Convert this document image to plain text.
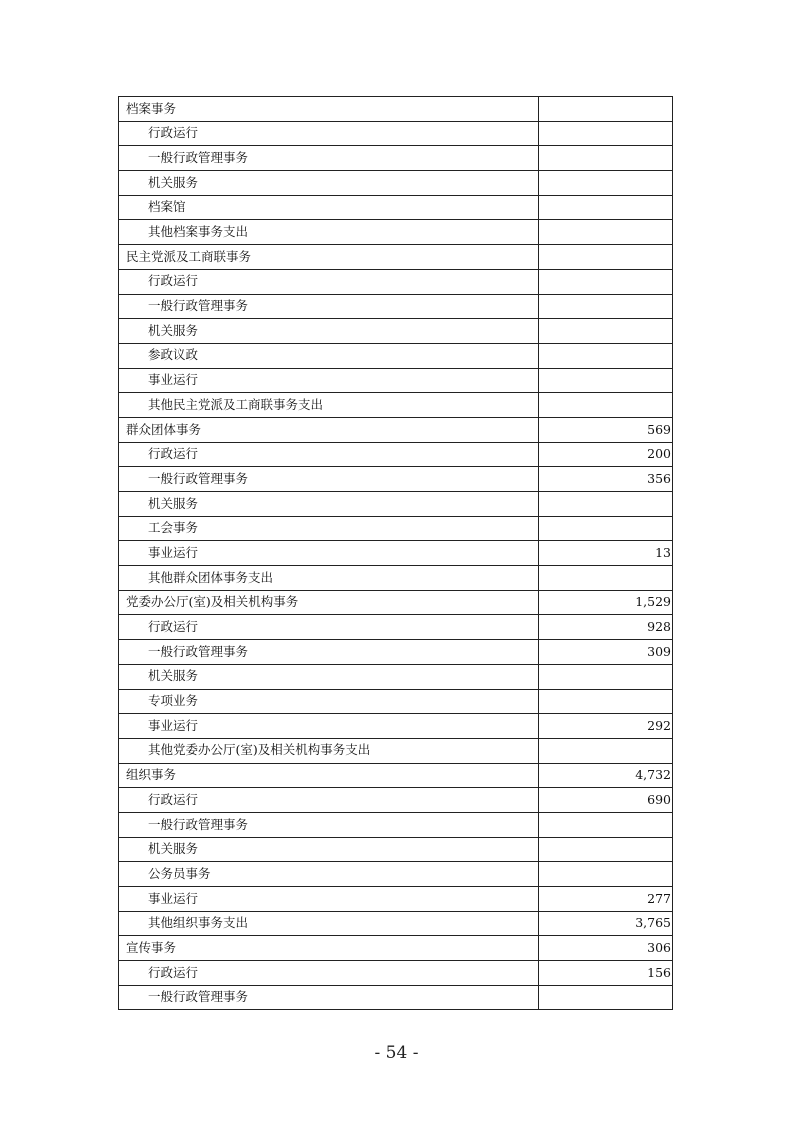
档案事务	
行政运行	
一般行政管理事务	
机关服务	
档案馆	
其他档案事务支出	
民主党派及工商联事务	
行政运行	
一般行政管理事务	
机关服务	
参政议政	
事业运行	
其他民主党派及工商联事务支出	
群众团体事务	569
行政运行	200
一般行政管理事务	356
机关服务	
工会事务	
事业运行	13
其他群众团体事务支出	
党委办公厅(室)及相关机构事务	1,529
行政运行	928
一般行政管理事务	309
机关服务	
专项业务	
事业运行	292
其他党委办公厅(室)及相关机构事务支出	
组织事务	4,732
行政运行	690
一般行政管理事务	
机关服务	
公务员事务	
事业运行	277
其他组织事务支出	3,765
宣传事务	306
行政运行	156
一般行政管理事务	
- 54 -
